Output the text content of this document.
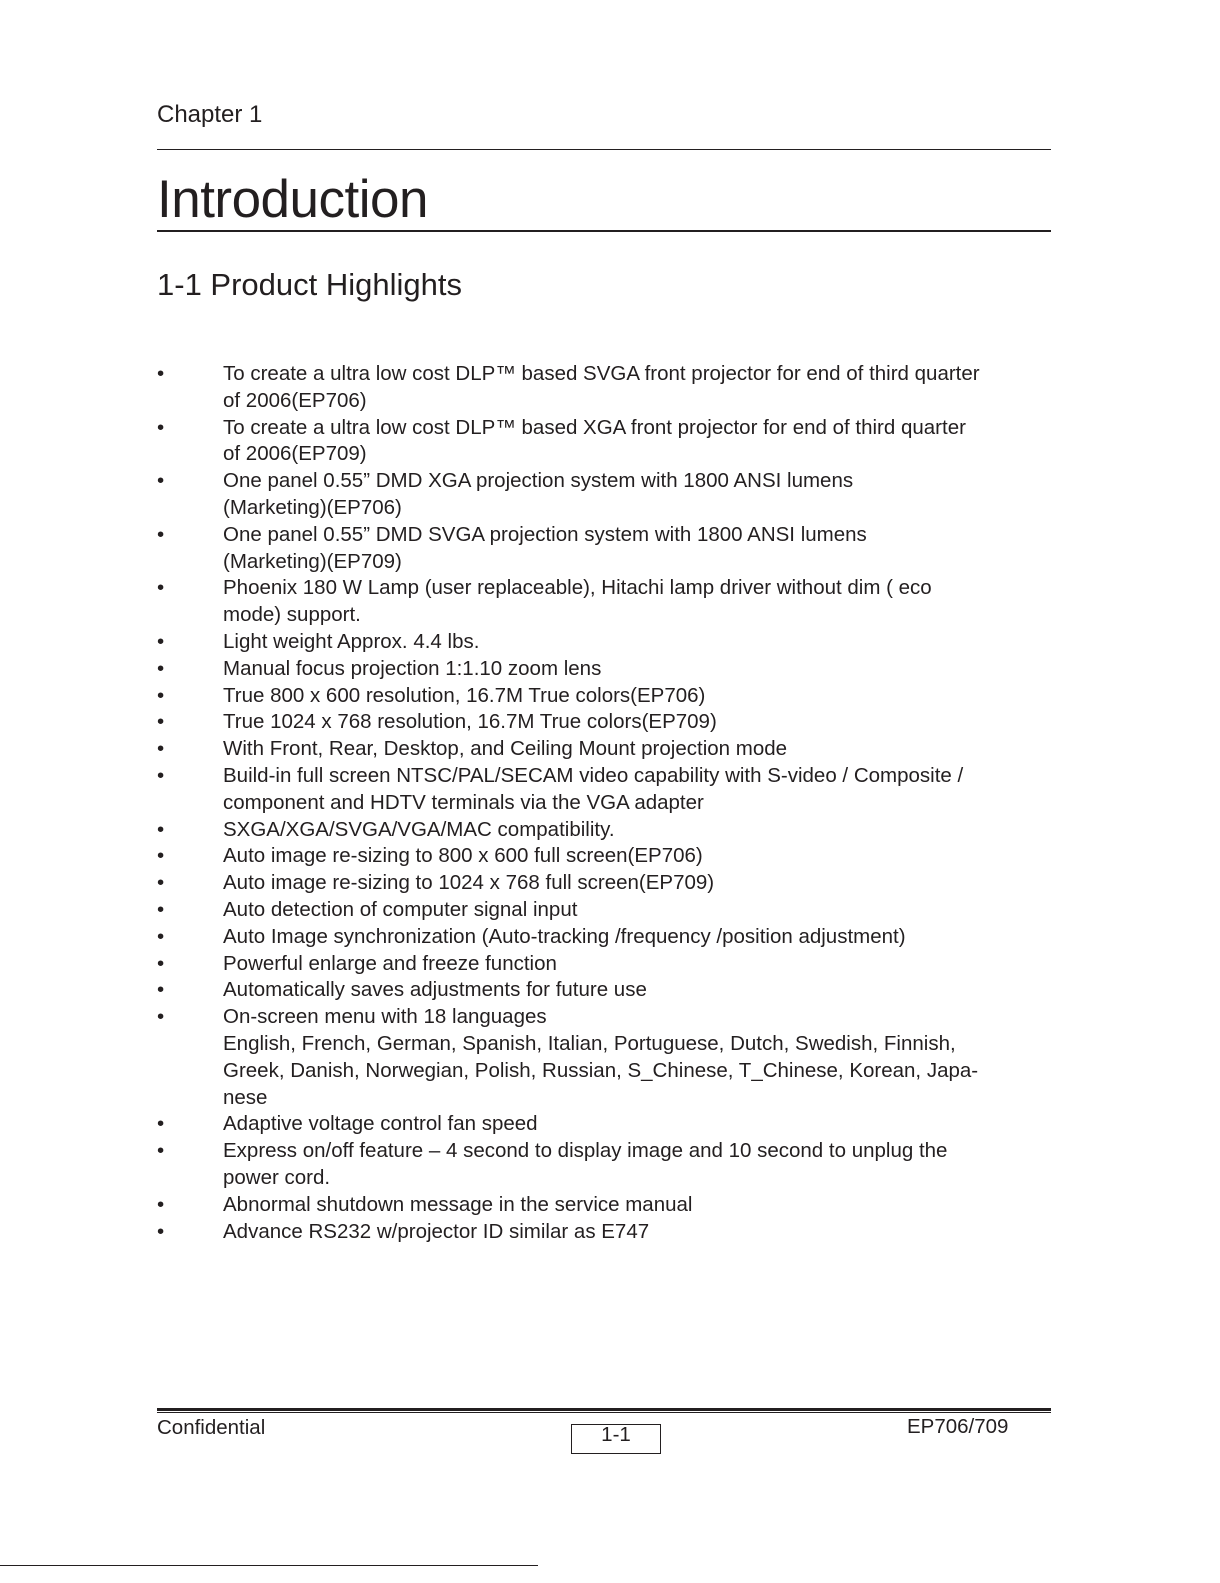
Chapter 1
Introduction
1-1 Product Highlights
•	To create a ultra low cost DLP™ based SVGA front projector for end of third quarter
of 2006(EP706)
•	To create a ultra low cost DLP™ based XGA front projector for end of third quarter
of 2006(EP709)
•	One panel 0.55” DMD XGA projection system with 1800 ANSI lumens
(Marketing)(EP706)
•	One panel 0.55” DMD SVGA projection system with 1800 ANSI lumens
(Marketing)(EP709)
•	Phoenix 180 W Lamp (user replaceable), Hitachi lamp driver without dim ( eco
mode) support.
•	Light weight Approx. 4.4 lbs.
•	Manual focus projection 1:1.10 zoom lens
•	True 800 x 600 resolution, 16.7M True colors(EP706)
•	True 1024 x 768 resolution, 16.7M True colors(EP709)
•	With Front, Rear, Desktop, and Ceiling Mount projection mode
•	Build-in full screen NTSC/PAL/SECAM video capability with S-video / Composite /
component and HDTV terminals via the VGA adapter
•	SXGA/XGA/SVGA/VGA/MAC compatibility.
•	Auto image re-sizing to 800 x 600 full screen(EP706)
•	Auto image re-sizing to 1024 x 768 full screen(EP709)
•	Auto detection of computer signal input
•	Auto Image synchronization (Auto-tracking /frequency /position adjustment)
•	Powerful enlarge and freeze function
•	Automatically saves adjustments for future use
•	On-screen menu with 18 languages
English, French, German, Spanish, Italian, Portuguese, Dutch, Swedish, Finnish,
Greek, Danish, Norwegian, Polish, Russian, S_Chinese, T_Chinese, Korean, Japa-
nese
•	Adaptive voltage control fan speed
•	Express on/off feature – 4 second to display image and 10 second to unplug the
power cord.
•	Abnormal shutdown message in the service manual
•	Advance RS232 w/projector ID similar as E747
Confidential	1-1	EP706/709
